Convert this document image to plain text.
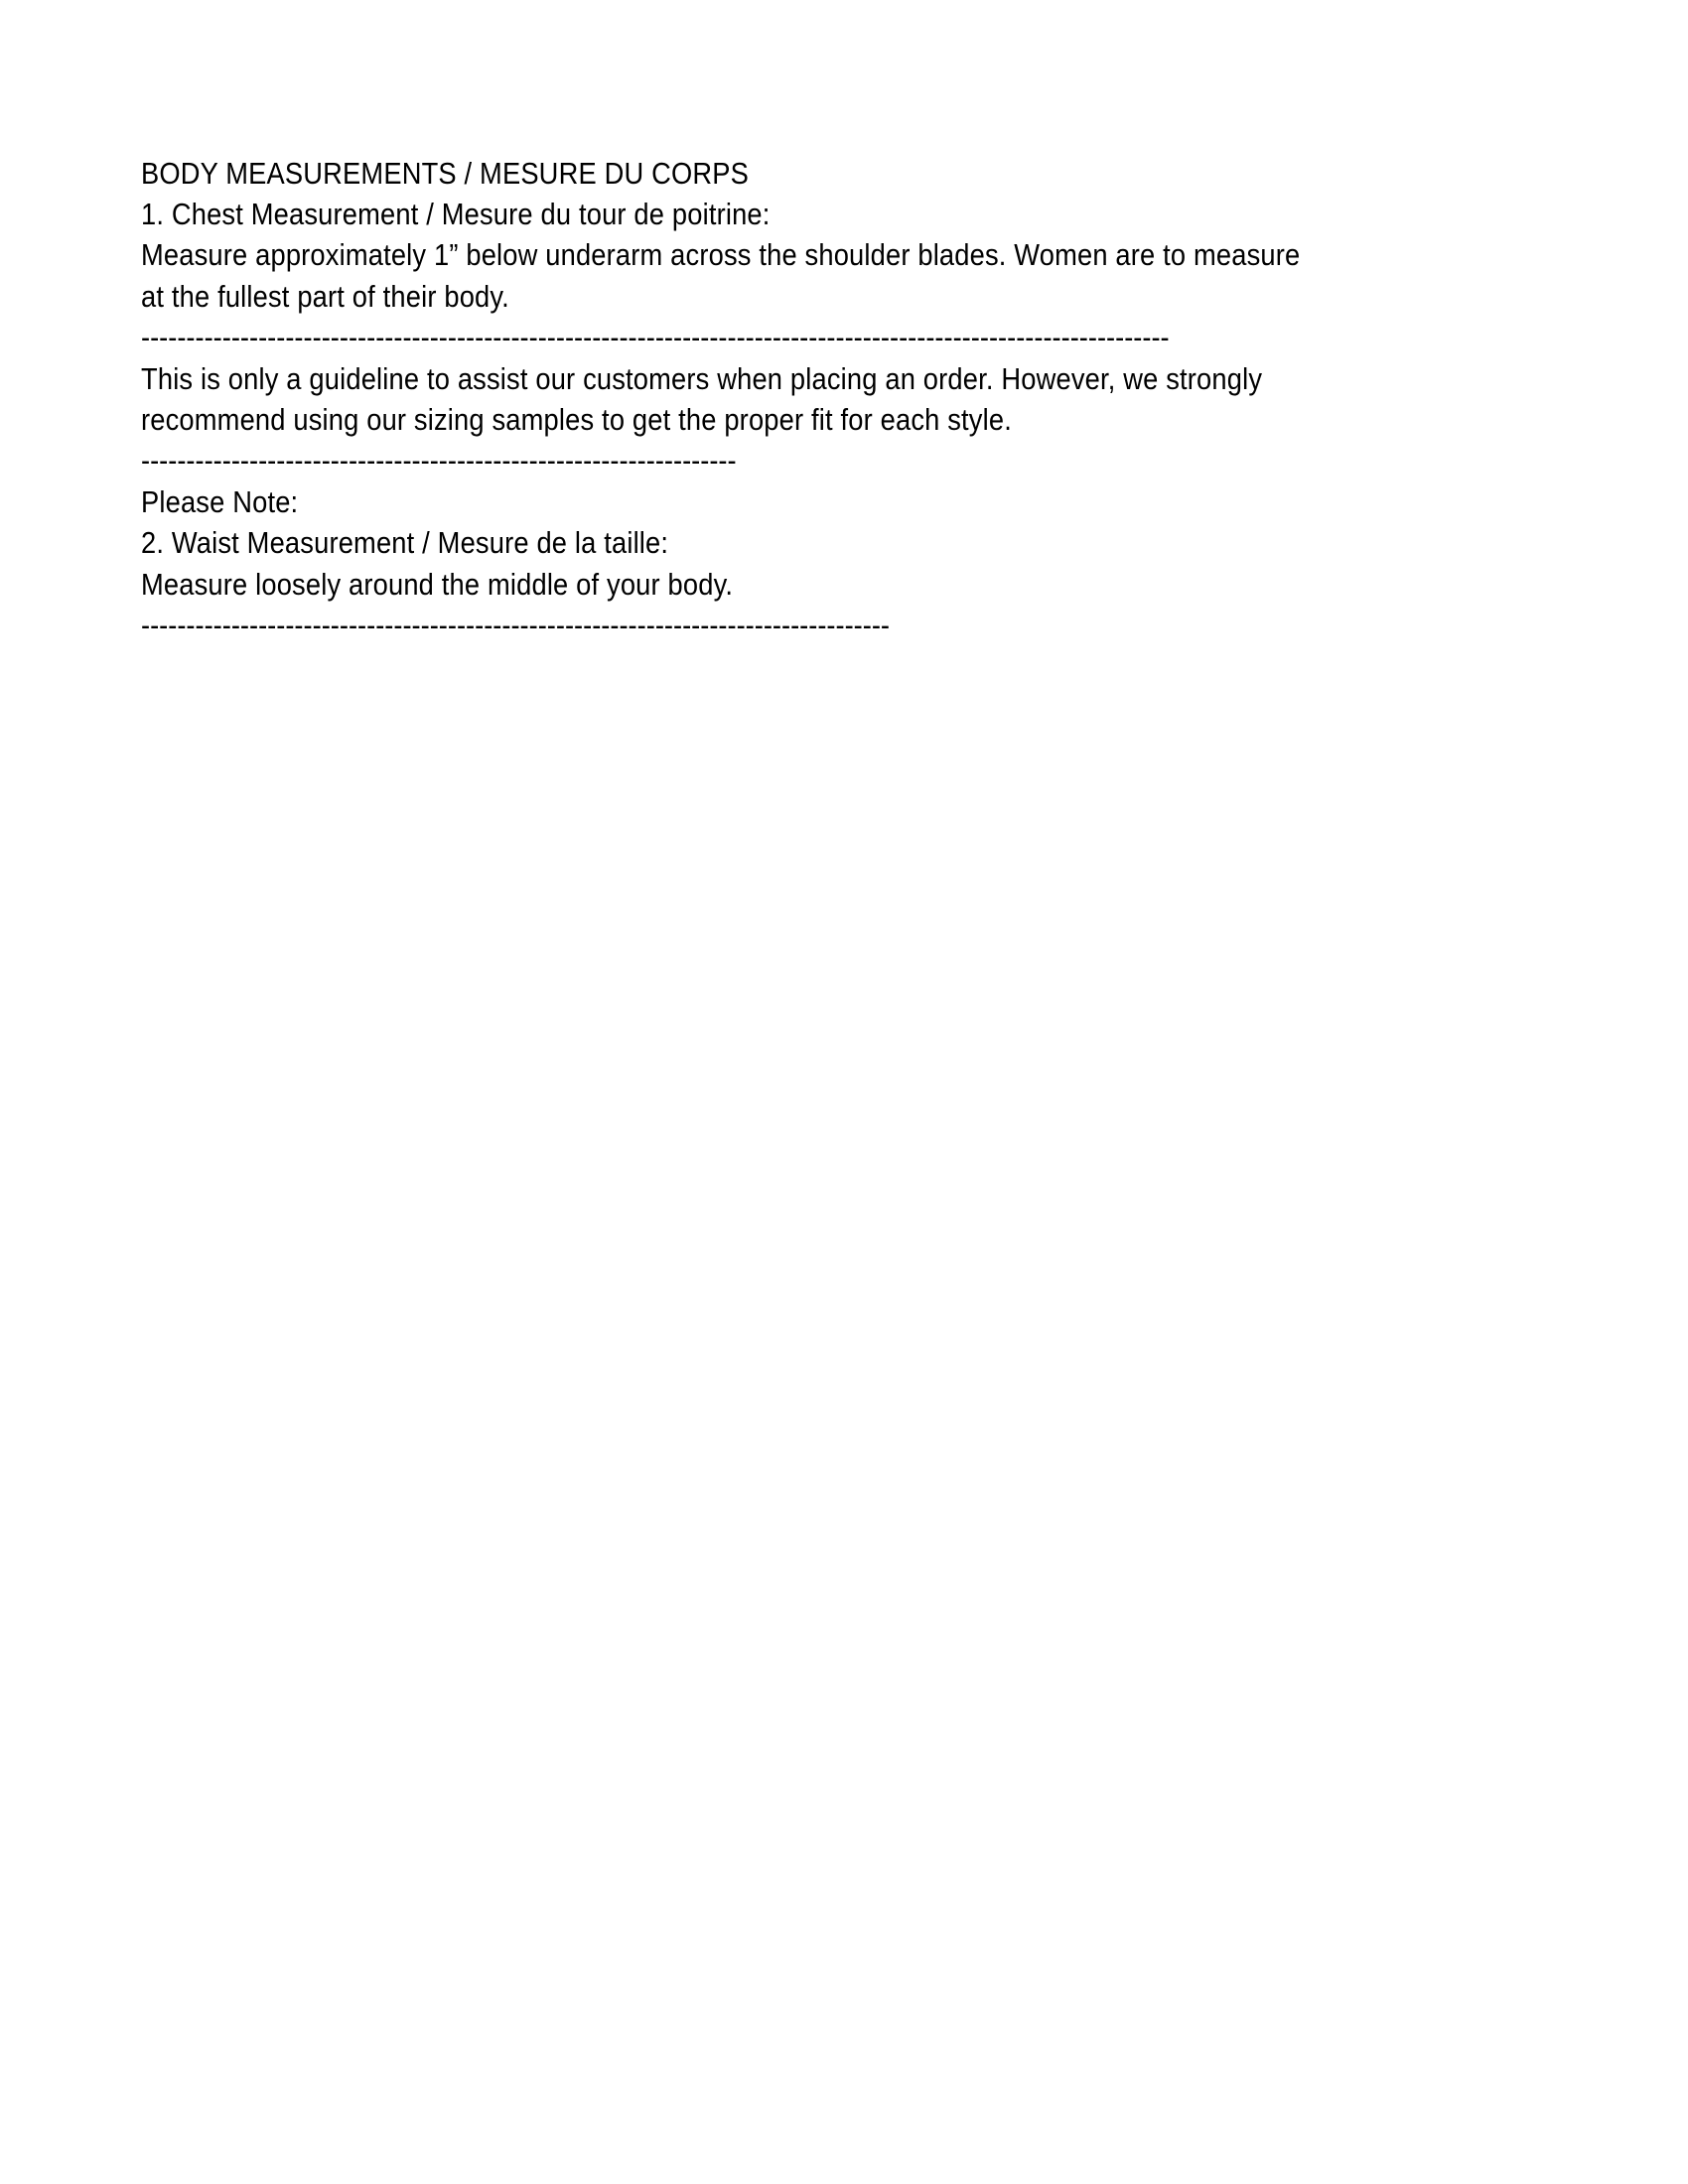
BODY MEASUREMENTS / MESURE DU CORPS
1. Chest Measurement / Mesure du tour de poitrine:
Measure approximately 1” below underarm across the shoulder blades. Women are to measure
at the fullest part of their body.
------------------------------------------------------------------------------------------------------------------
This is only a guideline to assist our customers when placing an order. However, we strongly
recommend using our sizing samples to get the proper fit for each style.
------------------------------------------------------------------
Please Note:
2. Waist Measurement / Mesure de la taille:
Measure loosely around the middle of your body.
-----------------------------------------------------------------------------------
